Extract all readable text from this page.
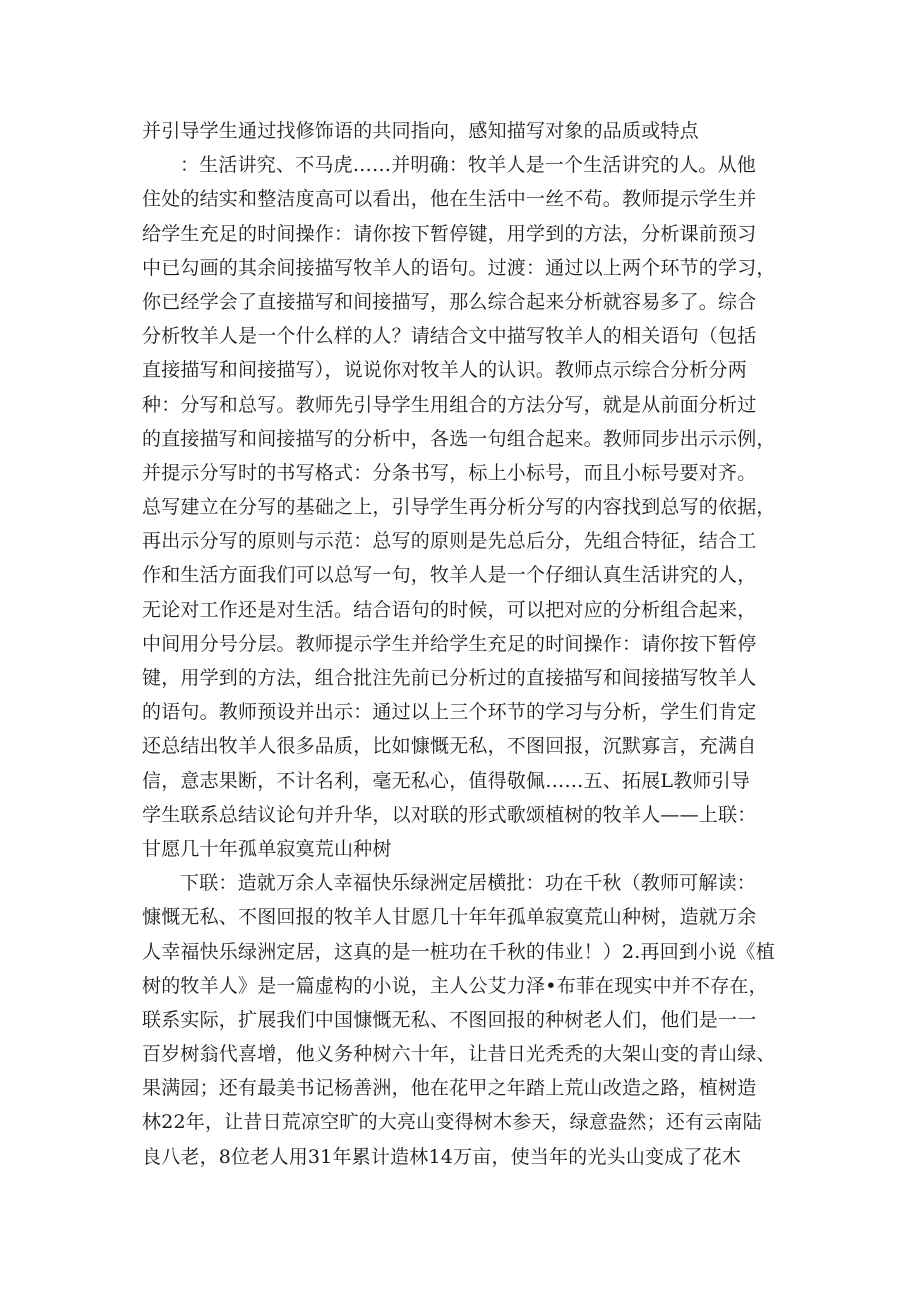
并引导学生通过找修饰语的共同指向，感知描写对象的品质或特点
：生活讲究、不马虎……并明确：牧羊人是一个生活讲究的人。从他
住处的结实和整洁度高可以看出，他在生活中一丝不苟。教师提示学生并
给学生充足的时间操作：请你按下暂停键，用学到的方法，分析课前预习
中已勾画的其余间接描写牧羊人的语句。过渡：通过以上两个环节的学习，
你已经学会了直接描写和间接描写，那么综合起来分析就容易多了。综合
分析牧羊人是一个什么样的人？请结合文中描写牧羊人的相关语句（包括
直接描写和间接描写），说说你对牧羊人的认识。教师点示综合分析分两
种：分写和总写。教师先引导学生用组合的方法分写，就是从前面分析过
的直接描写和间接描写的分析中，各选一句组合起来。教师同步出示示例，
并提示分写时的书写格式：分条书写，标上小标号，而且小标号要对齐。
总写建立在分写的基础之上，引导学生再分析分写的内容找到总写的依据，
再出示分写的原则与示范：总写的原则是先总后分，先组合特征，结合工
作和生活方面我们可以总写一句，牧羊人是一个仔细认真生活讲究的人，
无论对工作还是对生活。结合语句的时候，可以把对应的分析组合起来，
中间用分号分层。教师提示学生并给学生充足的时间操作：请你按下暂停
键，用学到的方法，组合批注先前已分析过的直接描写和间接描写牧羊人
的语句。教师预设并出示：通过以上三个环节的学习与分析，学生们肯定
还总结出牧羊人很多品质，比如慷慨无私，不图回报，沉默寡言，充满自
信，意志果断，不计名利，毫无私心，值得敬佩……五、拓展L教师引导
学生联系总结议论句并升华，以对联的形式歌颂植树的牧羊人——上联：
甘愿几十年孤单寂寞荒山种树
下联：造就万余人幸福快乐绿洲定居横批：功在千秋（教师可解读：
慷慨无私、不图回报的牧羊人甘愿几十年年孤单寂寞荒山种树，造就万余
人幸福快乐绿洲定居，这真的是一桩功在千秋的伟业！）2.再回到小说《植
树的牧羊人》是一篇虚构的小说，主人公艾力泽•布菲在现实中并不存在，
联系实际，扩展我们中国慷慨无私、不图回报的种树老人们，他们是一一
百岁树翁代喜增，他义务种树六十年，让昔日光秃秃的大架山变的青山绿、
果满园；还有最美书记杨善洲，他在花甲之年踏上荒山改造之路，植树造
林22年，让昔日荒凉空旷的大亮山变得树木参天，绿意盎然；还有云南陆
良八老，8位老人用31年累计造林14万亩，使当年的光头山变成了花木
